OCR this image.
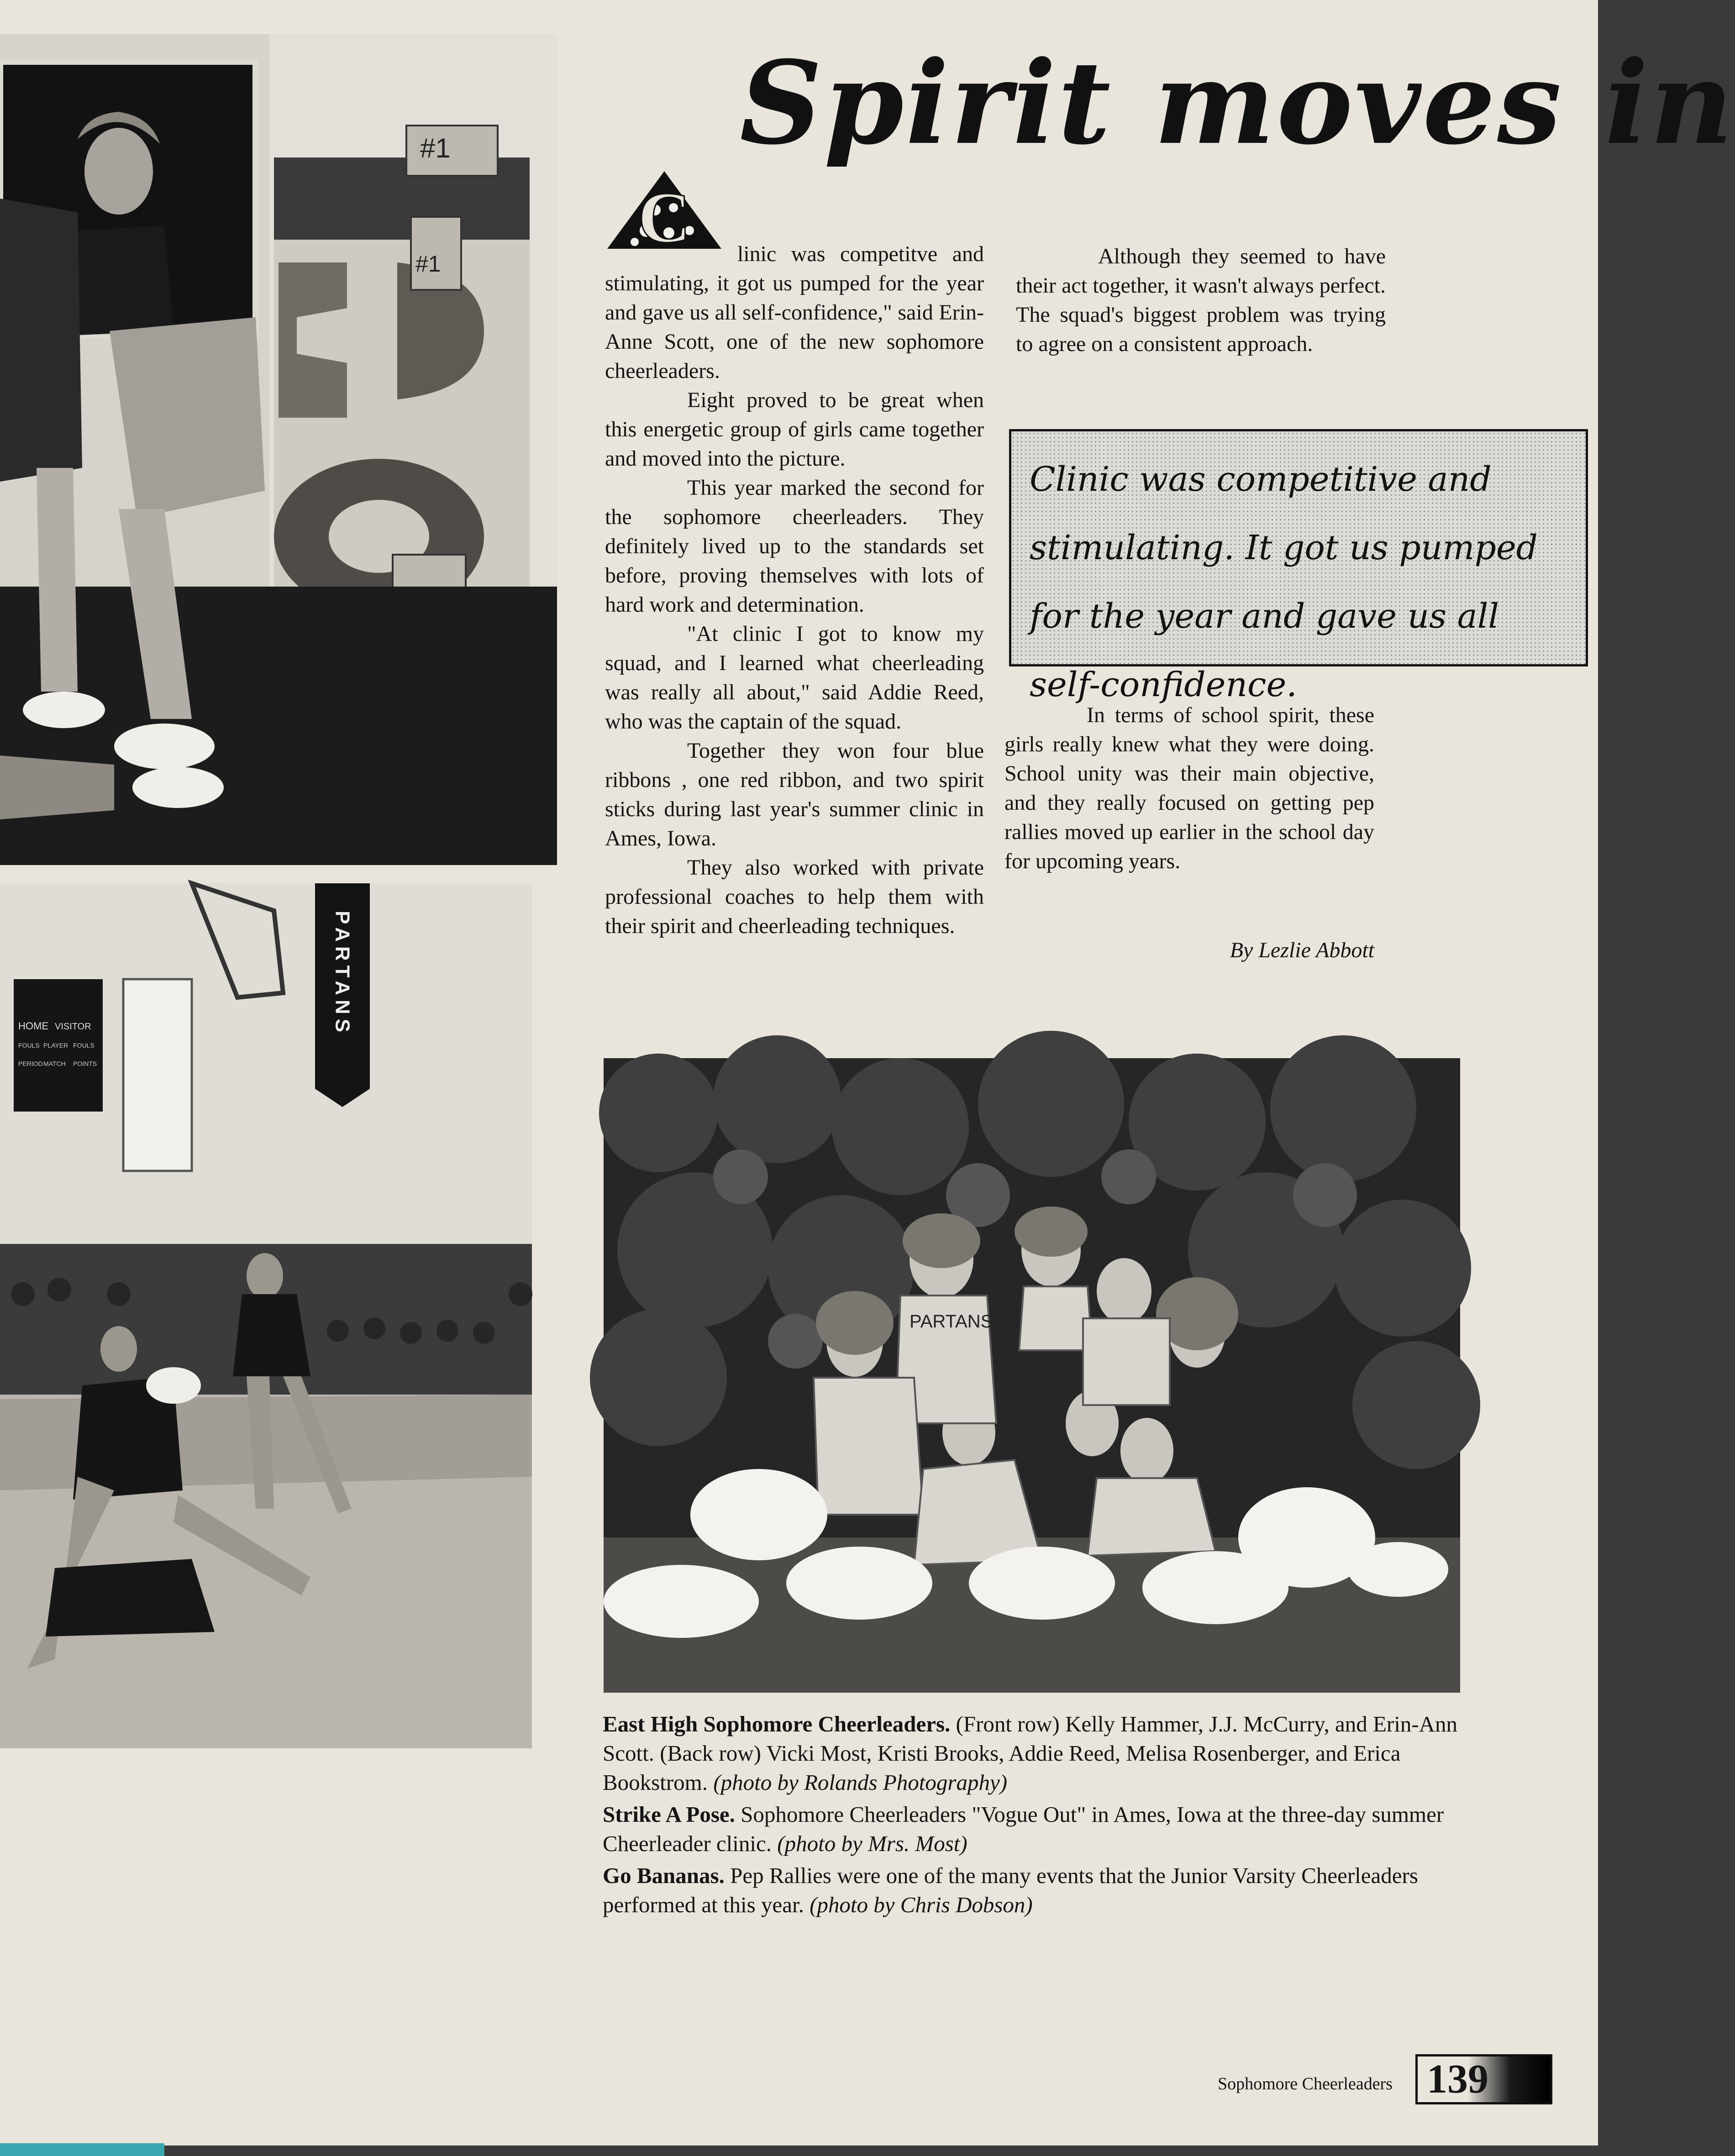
#1
#1
HOME VISITOR
FOULS PLAYER FOULS
PERIOD MATCH POINTS
PARTANS
Spirit moves in
C	linic was competitve and stimulating, it got us pumped for the year and gave us all self-confidence," said Erin-Anne Scott, one of the new sophomore cheerleaders.

Eight proved to be great when this energetic group of girls came together and moved into the picture.

This year marked the second for the sophomore cheerleaders. They definitely lived up to the standards set before, proving themselves with lots of hard work and determination.

"At clinic I got to know my squad, and I learned what cheerleading was really all about," said Addie Reed, who was the captain of the squad.

Together they won four blue ribbons , one red ribbon, and two spirit sticks during last year's summer clinic in Ames, Iowa.

They also worked with private professional coaches to help them with their spirit and cheerleading techniques.

Although they seemed to have their act together, it wasn't always perfect. The squad's biggest problem was trying to agree on a consistent approach.

Clinic was competitive and stimulating. It got us pumped for the year and gave us all self-confidence.

In terms of school spirit, these girls really knew what they were doing. School unity was their main objective, and they really focused on getting pep rallies moved up earlier in the school day for upcoming years.

By Lezlie Abbott
PARTANS

East High Sophomore Cheerleaders. (Front row) Kelly Hammer, J.J. McCurry, and Erin-Ann Scott. (Back row) Vicki Most, Kristi Brooks, Addie Reed, Melisa Rosenberger, and Erica Bookstrom. (photo by Rolands Photography)

Strike A Pose. Sophomore Cheerleaders "Vogue Out" in Ames, Iowa at the three-day summer Cheerleader clinic. (photo by Mrs. Most)

Go Bananas. Pep Rallies were one of the many events that the Junior Varsity Cheerleaders performed at this year. (photo by Chris Dobson)

Sophomore Cheerleaders 139
